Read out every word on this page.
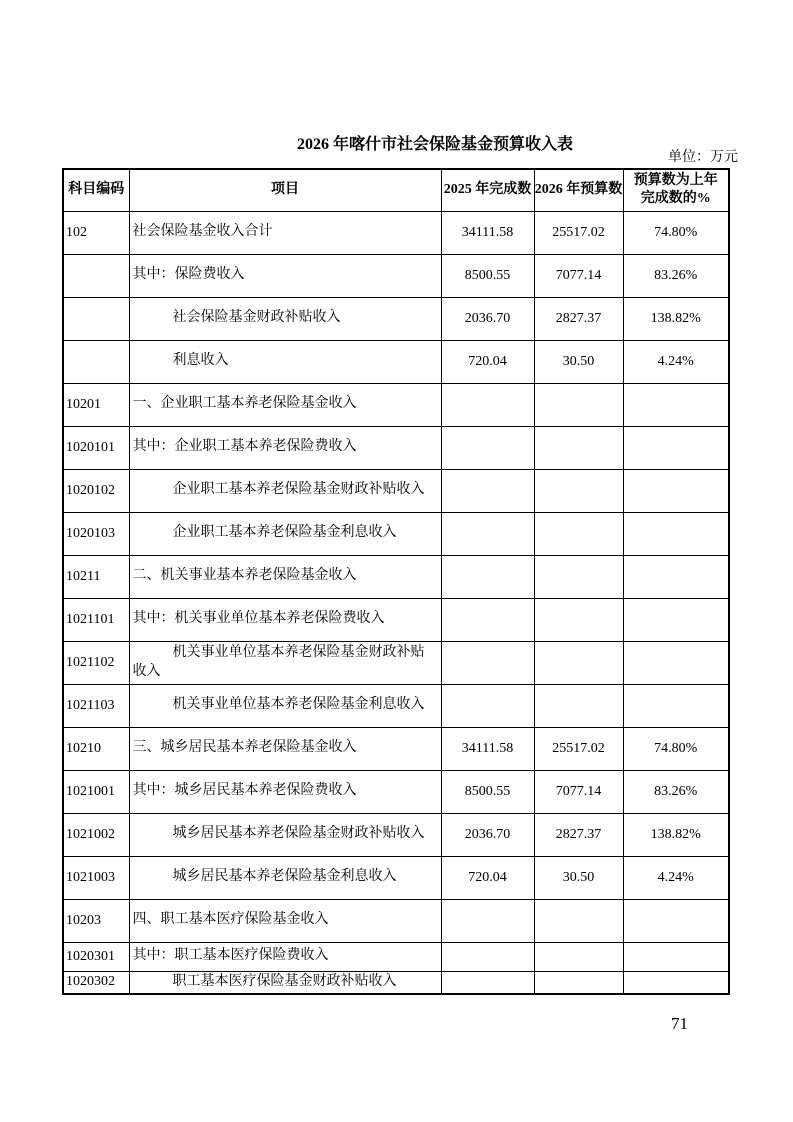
2026 年喀什市社会保险基金预算收入表
单位：万元
科目编码	项目	2025 年完成数	2026 年预算数	预算数为上年
完成数的%

102	社会保险基金收入合计	34111.58	25517.02	74.80%
	其中：保险费收入	8500.55	7077.14	83.26%
	社会保险基金财政补贴收入	2036.70	2827.37	138.82%
	利息收入	720.04	30.50	4.24%
10201	一、企业职工基本养老保险基金收入			
1020101	其中：企业职工基本养老保险费收入			
1020102	企业职工基本养老保险基金财政补贴收入			
1020103	企业职工基本养老保险基金利息收入			
10211	二、机关事业基本养老保险基金收入			
1021101	其中：机关事业单位基本养老保险费收入			
1021102	机关事业单位基本养老保险基金财政补贴收入			
1021103	机关事业单位基本养老保险基金利息收入			
10210	三、城乡居民基本养老保险基金收入	34111.58	25517.02	74.80%
1021001	其中：城乡居民基本养老保险费收入	8500.55	7077.14	83.26%
1021002	城乡居民基本养老保险基金财政补贴收入	2036.70	2827.37	138.82%
1021003	城乡居民基本养老保险基金利息收入	720.04	30.50	4.24%
10203	四、职工基本医疗保险基金收入			
1020301	其中：职工基本医疗保险费收入			
1020302	职工基本医疗保险基金财政补贴收入			
71
